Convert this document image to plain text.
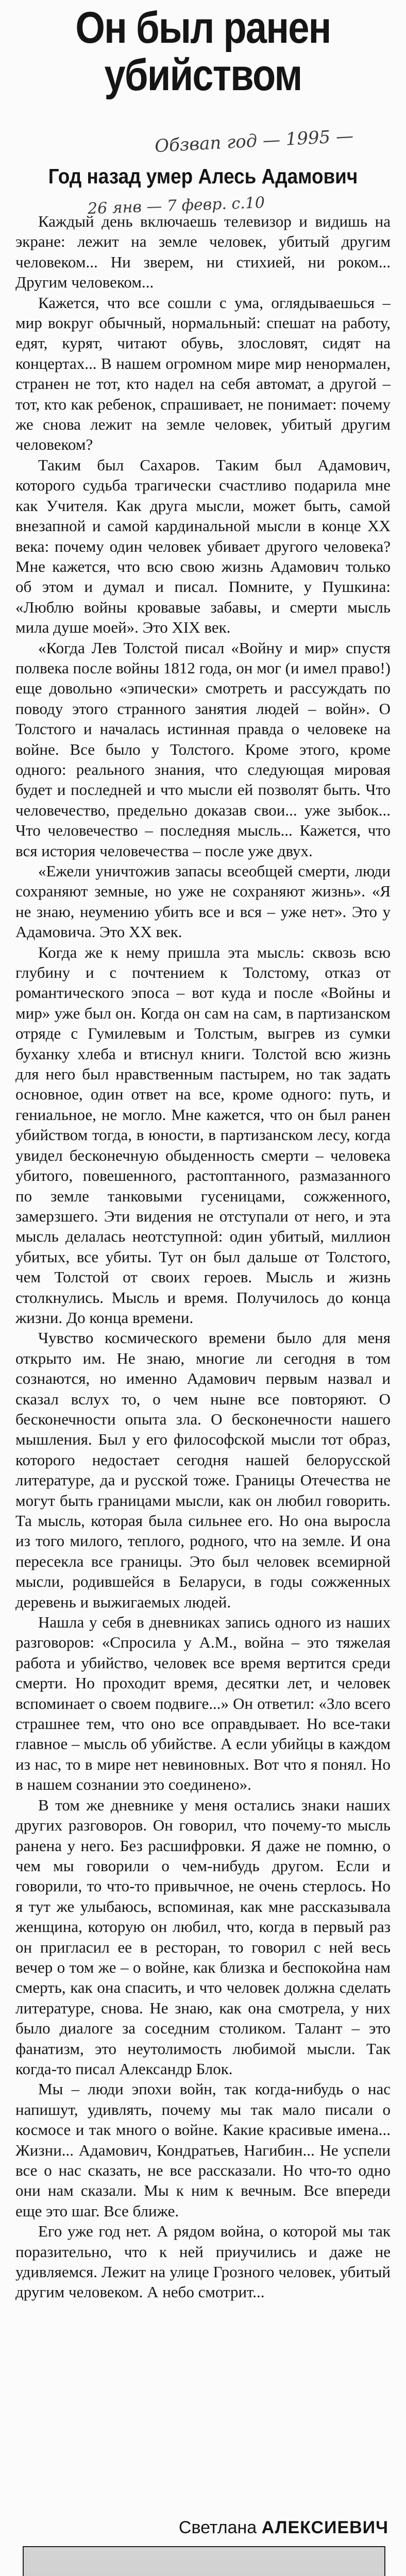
Он был ранен
убийством
Обзвап год — 1995 —
Год назад умер Алесь Адамович
26 янв — 7 февр. с.10

Каждый день включаешь телевизор и видишь на экране: лежит на земле человек, убитый другим человеком... Ни зверем, ни стихией, ни роком... Другим человеком...

Кажется, что все сошли с ума, оглядываешься – мир вокруг обычный, нормальный: спешат на работу, едят, курят, читают обувь, злословят, сидят на концертах... В нашем огромном мире мир ненормален, странен не тот, кто надел на себя автомат, а другой – тот, кто как ребенок, спрашивает, не понимает: почему же снова лежит на земле человек, убитый другим человеком?

Таким был Сахаров. Таким был Адамович, которого судьба трагически счастливо подарила мне как Учителя. Как друга мысли, может быть, самой внезапной и самой кардинальной мысли в конце XX века: почему один человек убивает другого человека? Мне кажется, что всю свою жизнь Адамович только об этом и думал и писал. Помните, у Пушкина: «Люблю войны кровавые забавы, и смерти мысль мила душе моей». Это XIX век.

«Когда Лев Толстой писал «Войну и мир» спустя полвека после войны 1812 года, он мог (и имел право!) еще довольно «эпически» смотреть и рассуждать по поводу этого странного занятия людей – войн». О Толстого и началась истинная правда о человеке на войне. Все было у Толстого. Кроме этого, кроме одного: реального знания, что следующая мировая будет и последней и что мысли ей позволят быть. Что человечество, предельно доказав свои... уже зыбок... Что человечество – последняя мысль... Кажется, что вся история человечества – после уже двух.

«Ежели уничтожив запасы всеобщей смерти, люди сохраняют земные, но уже не сохраняют жизнь». «Я не знаю, неумению убить все и вся – уже нет». Это у Адамовича. Это XX век.

Когда же к нему пришла эта мысль: сквозь всю глубину и с почтением к Толстому, отказ от романтического эпоса – вот куда и после «Войны и мир» уже был он. Когда он сам на сам, в партизанском отряде с Гумилевым и Толстым, выгрев из сумки буханку хлеба и втиснул книги. Толстой всю жизнь для него был нравственным пастырем, но так задать основное, один ответ на все, кроме одного: путь, и гениальное, не могло. Мне кажется, что он был ранен убийством тогда, в юности, в партизанском лесу, когда увидел бесконечную обыденность смерти – человека убитого, повешенного, растоптанного, размазанного по земле танковыми гусеницами, сожженного, замерзшего. Эти видения не отступали от него, и эта мысль делалась неотступной: один убитый, миллион убитых, все убиты. Тут он был дальше от Толстого, чем Толстой от своих героев. Мысль и жизнь столкнулись. Мысль и время. Получилось до конца жизни. До конца времени.

Чувство космического времени было для меня открыто им. Не знаю, многие ли сегодня в том сознаются, но именно Адамович первым назвал и сказал вслух то, о чем ныне все повторяют. О бесконечности опыта зла. О бесконечности нашего мышления. Был у его философской мысли тот образ, которого недостает сегодня нашей белорусской литературе, да и русской тоже. Границы Отечества не могут быть границами мысли, как он любил говорить. Та мысль, которая была сильнее его. Но она выросла из того милого, теплого, родного, что на земле. И она пересекла все границы. Это был человек всемирной мысли, родившейся в Беларуси, в годы сожженных деревень и выжигаемых людей.

Нашла у себя в дневниках запись одного из наших разговоров: «Спросила у А.М., война – это тяжелая работа и убийство, человек все время вертится среди смерти. Но проходит время, десятки лет, и человек вспоминает о своем подвиге...» Он ответил: «Зло всего страшнее тем, что оно все оправдывает. Но все-таки главное – мысль об убийстве. А если убийцы в каждом из нас, то в мире нет невиновных. Вот что я понял. Но в нашем сознании это соединено».

В том же дневнике у меня остались знаки наших других разговоров. Он говорил, что почему-то мысль ранена у него. Без расшифровки. Я даже не помню, о чем мы говорили о чем-нибудь другом. Если и говорили, то что-то привычное, не очень стерлось. Но я тут же улыбаюсь, вспоминая, как мне рассказывала женщина, которую он любил, что, когда в первый раз он пригласил ее в ресторан, то говорил с ней весь вечер о том же – о войне, как близка и беспокойна нам смерть, как она спасить, и что человек должна сделать литературе, снова. Не знаю, как она смотрела, у них было диалоге за соседним столиком. Талант – это фанатизм, это неутолимость любимой мысли. Так когда-то писал Александр Блок.

Мы – люди эпохи войн, так когда-нибудь о нас напишут, удивлять, почему мы так мало писали о космосе и так много о войне. Какие красивые имена... Жизни... Адамович, Кондратьев, Нагибин... Не успели все о нас сказать, не все рассказали. Но что-то одно они нам сказали. Мы к ним к вечным. Все впереди еще это шаг. Все ближе.

Его уже год нет. А рядом война, о которой мы так поразительно, что к ней приучились и даже не удивляемся. Лежит на улице Грозного человек, убитый другим человеком. А небо смотрит...

Светлана АЛЕКСИЕВИЧ
